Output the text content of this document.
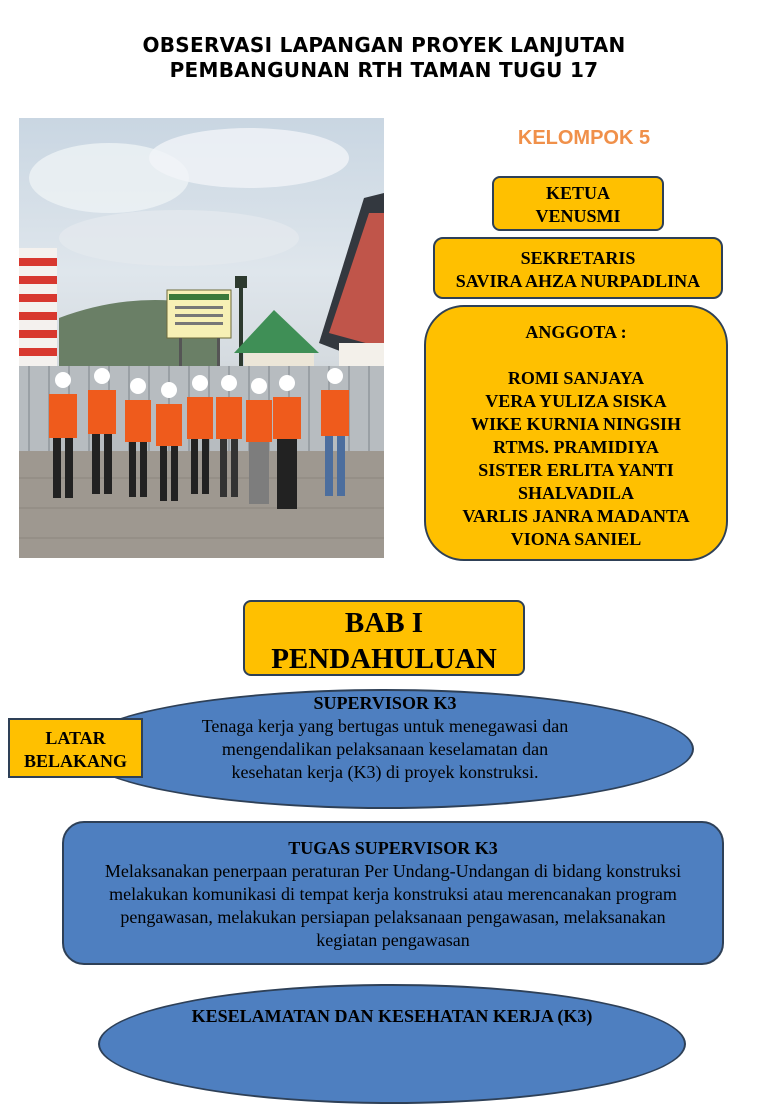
OBSERVASI LAPANGAN PROYEK LANJUTAN
PEMBANGUNAN RTH TAMAN TUGU 17
KELOMPOK 5
KETUA
VENUSMI
SEKRETARIS
SAVIRA AHZA NURPADLINA
ANGGOTA :
ROMI SANJAYA
VERA YULIZA SISKA
WIKE KURNIA NINGSIH
RTMS. PRAMIDIYA
SISTER ERLITA YANTI
SHALVADILA
VARLIS JANRA MADANTA
VIONA SANIEL
BAB I
PENDAHULUAN
SUPERVISOR K3
Tenaga kerja yang bertugas untuk menegawasi dan
mengendalikan pelaksanaan keselamatan dan
kesehatan kerja (K3) di proyek konstruksi.
LATAR
BELAKANG
TUGAS SUPERVISOR K3
Melaksanakan penerpaan peraturan Per Undang-Undangan di bidang konstruksi
melakukan komunikasi di tempat kerja konstruksi atau merencanakan program
pengawasan, melakukan persiapan pelaksanaan pengawasan, melaksanakan
kegiatan pengawasan
KESELAMATAN DAN KESEHATAN KERJA (K3)
